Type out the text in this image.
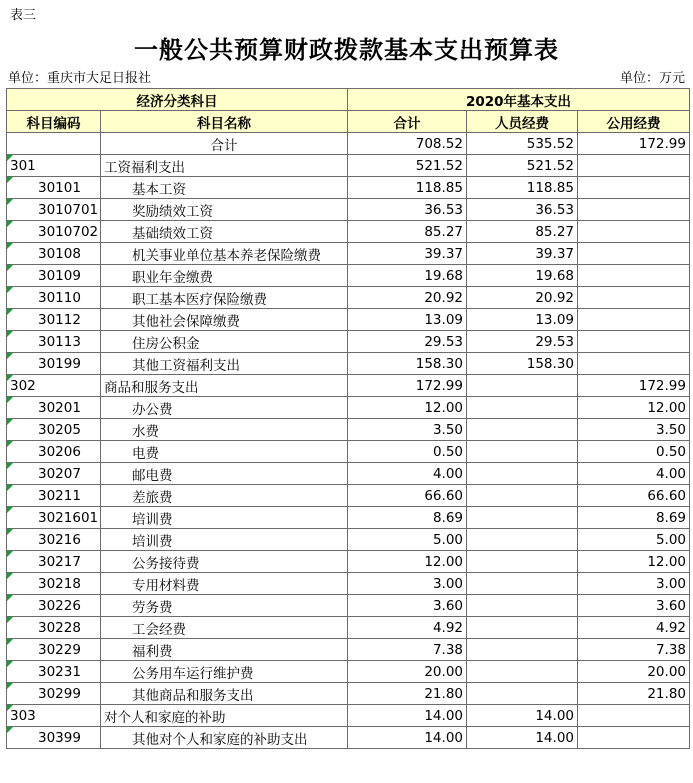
表三
一般公共预算财政拨款基本支出预算表
单位：重庆市大足日报社	单位：万元
经济分类科目		2020年基本支出		
科目编码	科目名称	合计	人员经费	公用经费
	合计	708.52	535.52	172.99
301	工资福利支出	521.52	521.52	
30101	基本工资	118.85	118.85	
3010701	奖励绩效工资	36.53	36.53	
3010702	基础绩效工资	85.27	85.27	
30108	机关事业单位基本养老保险缴费	39.37	39.37	
30109	职业年金缴费	19.68	19.68	
30110	职工基本医疗保险缴费	20.92	20.92	
30112	其他社会保障缴费	13.09	13.09	
30113	住房公积金	29.53	29.53	
30199	其他工资福利支出	158.30	158.30	
302	商品和服务支出	172.99		172.99
30201	办公费	12.00		12.00
30205	水费	3.50		3.50
30206	电费	0.50		0.50
30207	邮电费	4.00		4.00
30211	差旅费	66.60		66.60
3021601	培训费	8.69		8.69
30216	培训费	5.00		5.00
30217	公务接待费	12.00		12.00
30218	专用材料费	3.00		3.00
30226	劳务费	3.60		3.60
30228	工会经费	4.92		4.92
30229	福利费	7.38		7.38
30231	公务用车运行维护费	20.00		20.00
30299	其他商品和服务支出	21.80		21.80
303	对个人和家庭的补助	14.00	14.00	
30399	其他对个人和家庭的补助支出	14.00	14.00	
